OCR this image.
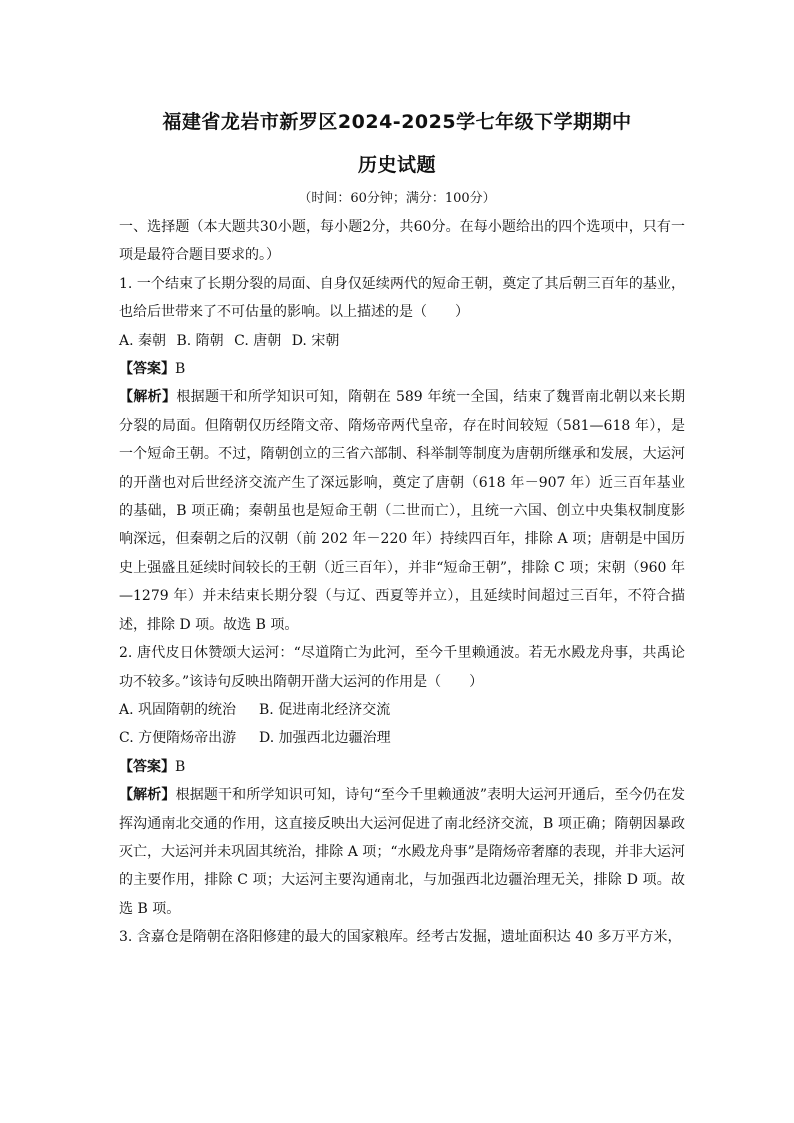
福建省龙岩市新罗区2024-2025学七年级下学期期中
历史试题
（时间：60分钟；满分：100分）

一、选择题（本大题共30小题，每小题2分，共60分。在每小题给出的四个选项中，只有一项是最符合题目要求的。）

1. 一个结束了长期分裂的局面、自身仅延续两代的短命王朝，奠定了其后朝三百年的基业，也给后世带来了不可估量的影响。以上描述的是（　　）

A. 秦朝 B. 隋朝 C. 唐朝 D. 宋朝

【答案】B

【解析】根据题干和所学知识可知，隋朝在 589 年统一全国，结束了魏晋南北朝以来长期分裂的局面。但隋朝仅历经隋文帝、隋炀帝两代皇帝，存在时间较短（581—618 年），是一个短命王朝。不过，隋朝创立的三省六部制、科举制等制度为唐朝所继承和发展，大运河的开凿也对后世经济交流产生了深远影响，奠定了唐朝（618 年－907 年）近三百年基业的基础，B 项正确；秦朝虽也是短命王朝（二世而亡），且统一六国、创立中央集权制度影响深远，但秦朝之后的汉朝（前 202 年－220 年）持续四百年，排除 A 项；唐朝是中国历史上强盛且延续时间较长的王朝（近三百年），并非“短命王朝”，排除 C 项；宋朝（960 年—1279 年）并未结束长期分裂（与辽、西夏等并立），且延续时间超过三百年，不符合描述，排除 D 项。故选 B 项。

2. 唐代皮日休赞颂大运河：“尽道隋亡为此河，至今千里赖通波。若无水殿龙舟事，共禹论功不较多。”该诗句反映出隋朝开凿大运河的作用是（　　）

A. 巩固隋朝的统治	B. 促进南北经济交流
C. 方便隋炀帝出游	D. 加强西北边疆治理

【答案】B

【解析】根据题干和所学知识可知，诗句“至今千里赖通波”表明大运河开通后，至今仍在发挥沟通南北交通的作用，这直接反映出大运河促进了南北经济交流，B 项正确；隋朝因暴政灭亡，大运河并未巩固其统治，排除 A 项；“水殿龙舟事”是隋炀帝奢靡的表现，并非大运河的主要作用，排除 C 项；大运河主要沟通南北，与加强西北边疆治理无关，排除 D 项。故选 B 项。

3. 含嘉仓是隋朝在洛阳修建的最大的国家粮库。经考古发掘，遗址面积达 40 多万平方米，
